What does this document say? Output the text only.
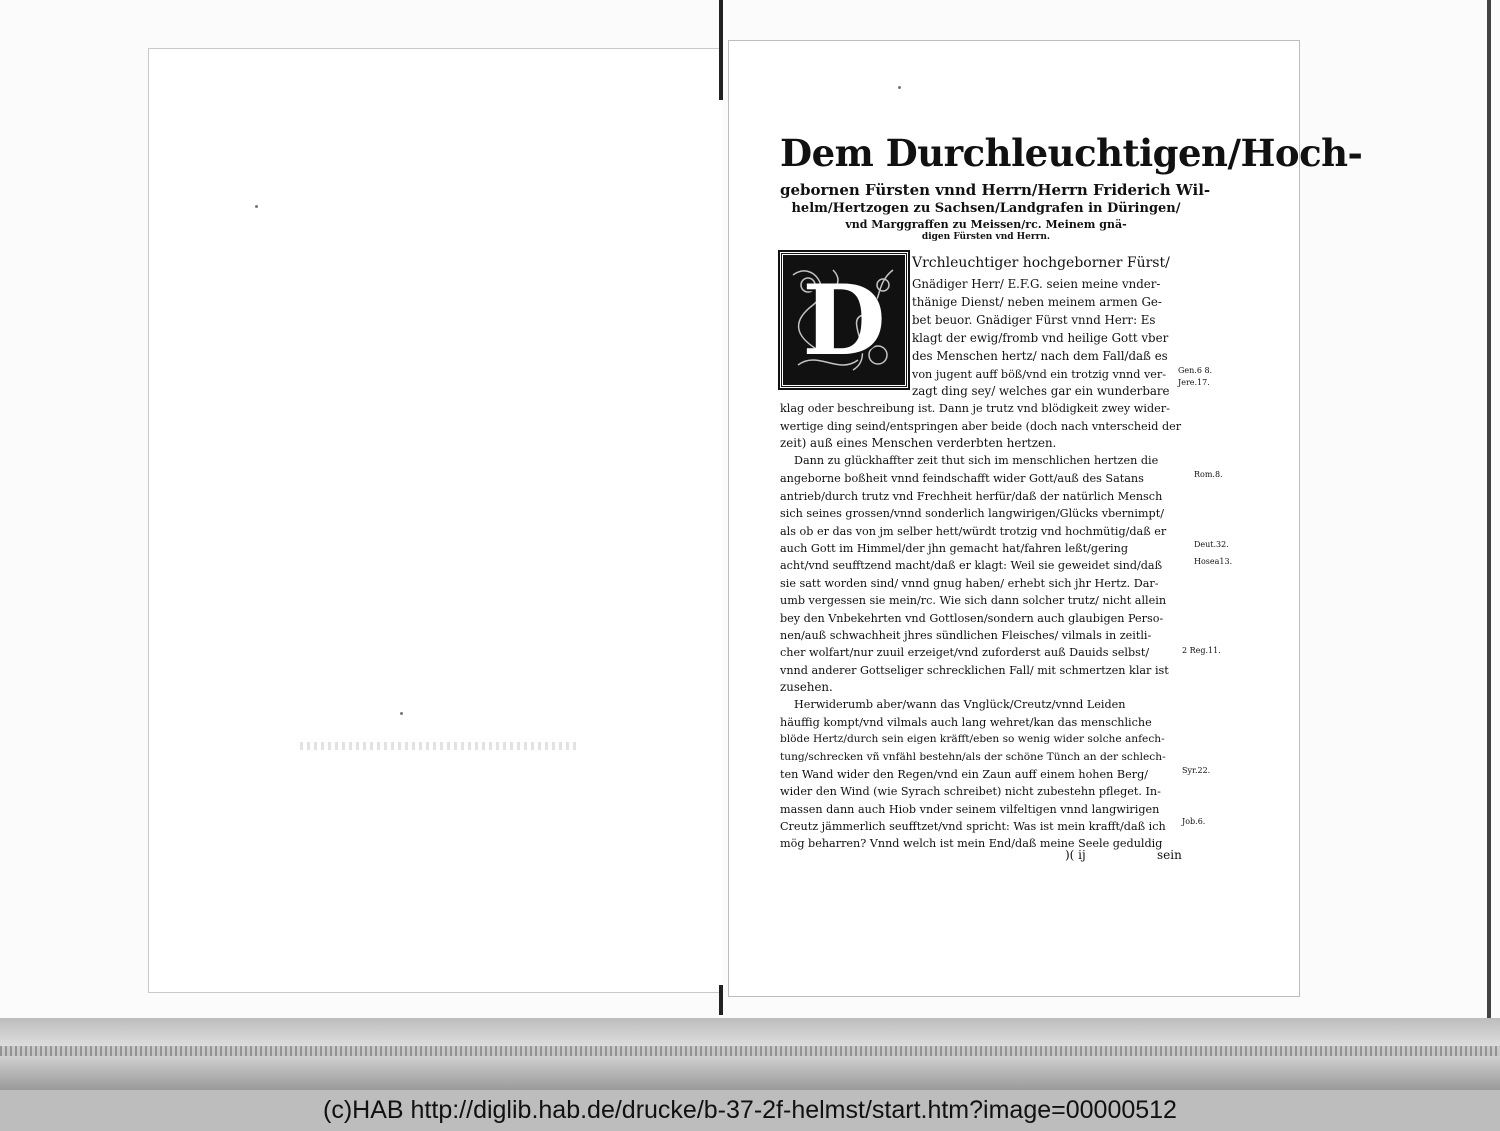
Dem Durchleuchtigen/Hoch-
gebornen Fürsten vnnd Herrn/Herrn Friderich Wil-
helm/Hertzogen zu Sachsen/Landgrafen in Düringen/
vnd Marggraffen zu Meissen/rc. Meinem gnä-
digen Fürsten vnd Herrn.
D
Vrchleuchtiger hochgeborner Fürst/
Gnädiger Herr/ E.F.G. seien meine vnder-
thänige Dienst/ neben meinem armen Ge-
bet beuor. Gnädiger Fürst vnnd Herr: Es
klagt der ewig/fromb vnd heilige Gott vber
des Menschen hertz/ nach dem Fall/daß es
von jugent auff böß/vnd ein trotzig vnnd ver-
zagt ding sey/ welches gar ein wunderbare
klag oder beschreibung ist. Dann je trutz vnd blödigkeit zwey wider-
wertige ding seind/entspringen aber beide (doch nach vnterscheid der
zeit) auß eines Menschen verderbten hertzen.
Dann zu glückhaffter zeit thut sich im menschlichen hertzen die
angeborne boßheit vnnd feindschafft wider Gott/auß des Satans
antrieb/durch trutz vnd Frechheit herfür/daß der natürlich Mensch
sich seines grossen/vnnd sonderlich langwirigen/Glücks vbernimpt/
als ob er das von jm selber hett/würdt trotzig vnd hochmütig/daß er
auch Gott im Himmel/der jhn gemacht hat/fahren leßt/gering
acht/vnd seufftzend macht/daß er klagt: Weil sie geweidet sind/daß
sie satt worden sind/ vnnd gnug haben/ erhebt sich jhr Hertz. Dar-
umb vergessen sie mein/rc. Wie sich dann solcher trutz/ nicht allein
bey den Vnbekehrten vnd Gottlosen/sondern auch glaubigen Perso-
nen/auß schwachheit jhres sündlichen Fleisches/ vilmals in zeitli-
cher wolfart/nur zuuil erzeiget/vnd zuforderst auß Dauids selbst/
vnnd anderer Gottseliger schrecklichen Fall/ mit schmertzen klar ist
zusehen.
Herwiderumb aber/wann das Vnglück/Creutz/vnnd Leiden
häuffig kompt/vnd vilmals auch lang wehret/kan das menschliche
blöde Hertz/durch sein eigen kräfft/eben so wenig wider solche anfech-
tung/schrecken vñ vnfähl bestehn/als der schöne Tünch an der schlech-
ten Wand wider den Regen/vnd ein Zaun auff einem hohen Berg/
wider den Wind (wie Syrach schreibet) nicht zubestehn pfleget. In-
massen dann auch Hiob vnder seinem vilfeltigen vnnd langwirigen
Creutz jämmerlich seufftzet/vnd spricht: Was ist mein krafft/daß ich
mög beharren? Vnnd welch ist mein End/daß meine Seele geduldig
Gen.6 8.
Jere.17.
Rom.8.
Deut.32.
Hosea13.
2 Reg.11.
Syr.22.
Job.6.
)( ij	sein
(c)HAB http://diglib.hab.de/drucke/b-37-2f-helmst/start.htm?image=00000512
